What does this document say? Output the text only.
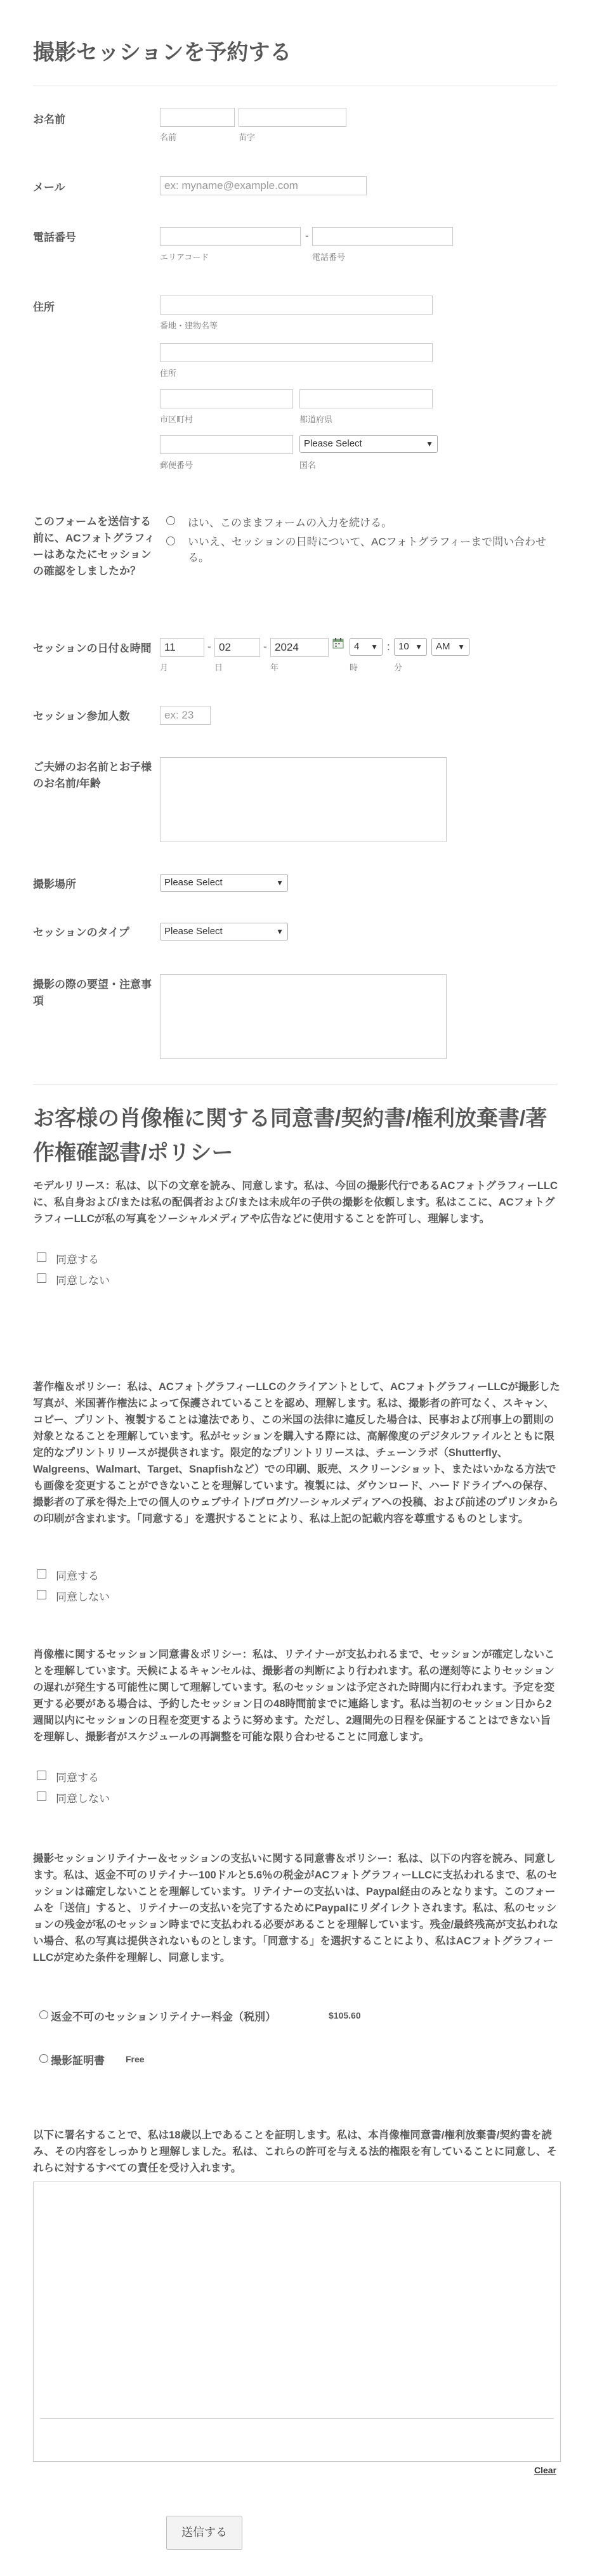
撮影セッションを予約する
お名前
名前	苗字
メール	ex: myname@example.com
電話番号	-
エリアコード	電話番号
住所
番地・建物名等
住所
市区町村	都道府県
Please Select	▼
郵便番号	国名
このフォームを送信する前に、ACフォトグラフィーはあなたにセッションの確認をしましたか？
はい、このままフォームの入力を続ける。
いいえ、セッションの日時について、ACフォトグラフィーまで問い合わせる。
セッションの日付＆時間	11	- 02	- 2024	4 ▼ : 10 ▼	AM ▼
月	日	年	時	分
セッション参加人数	ex: 23
ご夫婦のお名前とお子様のお名前/年齢
撮影場所	Please Select	▼
セッションのタイプ	Please Select	▼
撮影の際の要望・注意事項
お客様の肖像権に関する同意書/契約書/権利放棄書/著作権確認書/ポリシー
モデルリリース：私は、以下の文章を読み、同意します。私は、今回の撮影代行であるACフォトグラフィーLLCに、私自身および/または私の配偶者および/または未成年の子供の撮影を依頼します。私はここに、ACフォトグラフィーLLCが私の写真をソーシャルメディアや広告などに使用することを許可し、理解します。
同意する
同意しない
著作権＆ポリシー：私は、ACフォトグラフィーLLCのクライアントとして、ACフォトグラフィーLLCが撮影した写真が、米国著作権法によって保護されていることを認め、理解します。私は、撮影者の許可なく、スキャン、コピー、プリント、複製することは違法であり、この米国の法律に違反した場合は、民事および刑事上の罰則の対象となることを理解しています。私がセッションを購入する際には、高解像度のデジタルファイルとともに限定的なプリントリリースが提供されます。限定的なプリントリリースは、チェーンラボ（Shutterfly、Walgreens、Walmart、Target、Snapfishなど）での印刷、販売、スクリーンショット、またはいかなる方法でも画像を変更することができないことを理解しています。複製には、ダウンロード、ハードドライブへの保存、撮影者の了承を得た上での個人のウェブサイト/ブログ/ソーシャルメディアへの投稿、および前述のプリンタからの印刷が含まれます。「同意する」を選択することにより、私は上記の記載内容を尊重するものとします。
同意する
同意しない
肖像権に関するセッション同意書＆ポリシー：私は、リテイナーが支払われるまで、セッションが確定しないことを理解しています。天候によるキャンセルは、撮影者の判断により行われます。私の遅刻等によりセッションの遅れが発生する可能性に関して理解しています。私のセッションは予定された時間内に行われます。予定を変更する必要がある場合は、予約したセッション日の48時間前までに連絡します。私は当初のセッション日から2週間以内にセッションの日程を変更するように努めます。ただし、2週間先の日程を保証することはできない旨を理解し、撮影者がスケジュールの再調整を可能な限り合わせることに同意します。
同意する
同意しない
撮影セッションリテイナー＆セッションの支払いに関する同意書＆ポリシー：私は、以下の内容を読み、同意します。私は、返金不可のリテイナー100ドルと5.6％の税金がACフォトグラフィーLLCに支払われるまで、私のセッションは確定しないことを理解しています。リテイナーの支払いは、Paypal経由のみとなります。このフォームを「送信」すると、リテイナーの支払いを完了するためにPaypalにリダイレクトされます。私は、私のセッションの残金が私のセッション時までに支払われる必要があることを理解しています。残金/最終残高が支払われない場合、私の写真は提供されないものとします。「同意する」を選択することにより、私はACフォトグラフィーLLCが定めた条件を理解し、同意します。
返金不可のセッションリテイナー料金（税別）	$105.60
撮影証明書 Free
以下に署名することで、私は18歳以上であることを証明します。私は、本肖像権同意書/権利放棄書/契約書を読み、その内容をしっかりと理解しました。私は、これらの許可を与える法的権限を有していることに同意し、それらに対するすべての責任を受け入れます。
Clear
送信する
